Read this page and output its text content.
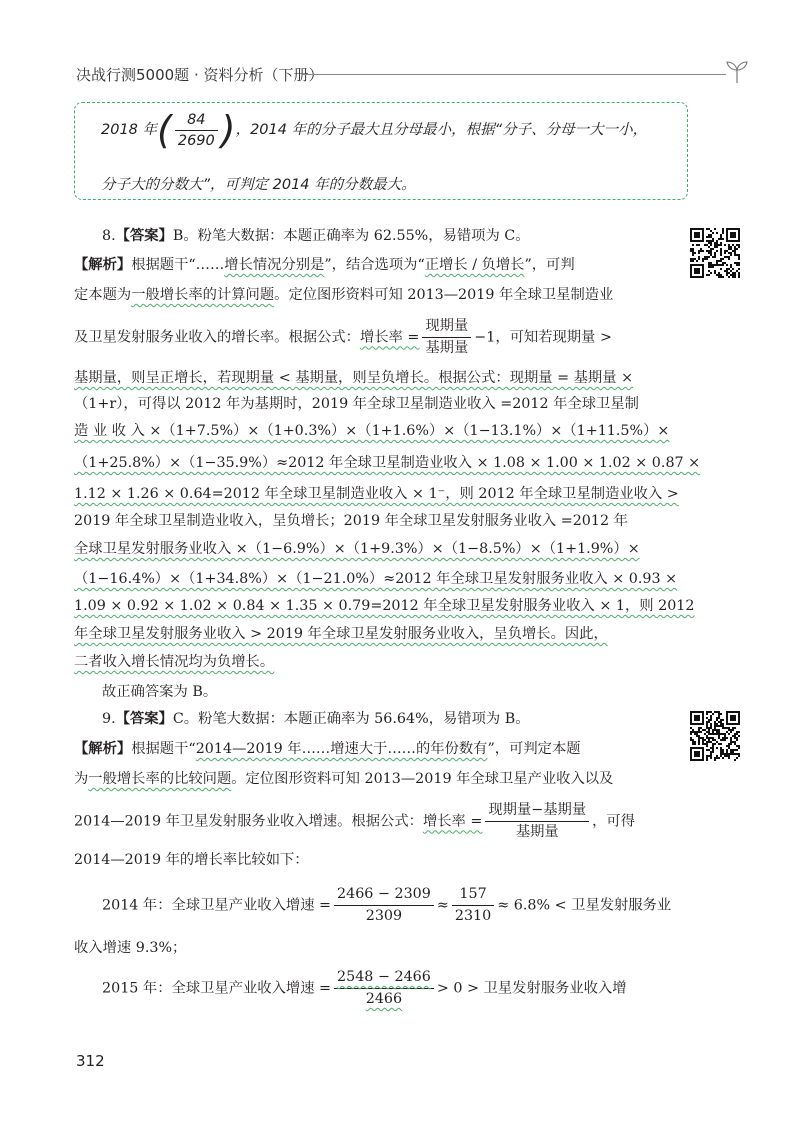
决战行测5000题 · 资料分析（下册）
2018 年( $\frac{84}{2690}$ )，2014 年的分子最大且分母最小，根据“分子、分母一大一小，
分子大的分数大”，可判定 2014 年的分数最大。
8.【答案】B。粉笔大数据：本题正确率为 62.55%，易错项为 C。
【解析】根据题干“……增长情况分别是”，结合选项为“正增长 / 负增长”，可判
定本题为一般增长率的计算问题。定位图形资料可知 2013—2019 年全球卫星制造业
及卫星发射服务业收入的增长率。根据公式：增长率 = $\frac{\text{现期量}}{\text{基期量}} -1$，可知若现期量 >
基期量，则呈正增长，若现期量 < 基期量，则呈负增长。根据公式：现期量 = 基期量 ×
（1+r），可得以 2012 年为基期时，2019 年全球卫星制造业收入 =2012 年全球卫星制
造 业 收 入 ×（1+7.5%）×（1+0.3%）×（1+1.6%）×（1−13.1%）×（1+11.5%）×
（1+25.8%）×（1−35.9%）≈2012 年全球卫星制造业收入 × 1.08 × 1.00 × 1.02 × 0.87 ×
1.12 × 1.26 × 0.64=2012 年全球卫星制造业收入 × 1⁻，则 2012 年全球卫星制造业收入 >
2019 年全球卫星制造业收入，呈负增长；2019 年全球卫星发射服务业收入 =2012 年
全球卫星发射服务业收入 ×（1−6.9%）×（1+9.3%）×（1−8.5%）×（1+1.9%）×
（1−16.4%）×（1+34.8%）×（1−21.0%）≈2012 年全球卫星发射服务业收入 × 0.93 ×
1.09 × 0.92 × 1.02 × 0.84 × 1.35 × 0.79=2012 年全球卫星发射服务业收入 × 1，则 2012
年全球卫星发射服务业收入 > 2019 年全球卫星发射服务业收入，呈负增长。因此，
二者收入增长情况均为负增长。
故正确答案为 B。
9.【答案】C。粉笔大数据：本题正确率为 56.64%，易错项为 B。
【解析】根据题干“2014—2019 年……增速大于……的年份数有”，可判定本题
为一般增长率的比较问题。定位图形资料可知 2013—2019 年全球卫星产业收入以及
2014—2019 年卫星发射服务业收入增速。根据公式：增长率 = $\frac{\text{现期量−基期量}}{\text{基期量}}$ ，可得
2014—2019 年的增长率比较如下：
2014 年：全球卫星产业收入增速 = $\frac{2466 - 2309}{2309} \approx \frac{157}{2310} \approx 6.8\%$ < 卫星发射服务业
收入增速 9.3%；
2015 年：全球卫星产业收入增速 = $\frac{2548 - 2466}{2466} > 0$ > 卫星发射服务业收入增
312
